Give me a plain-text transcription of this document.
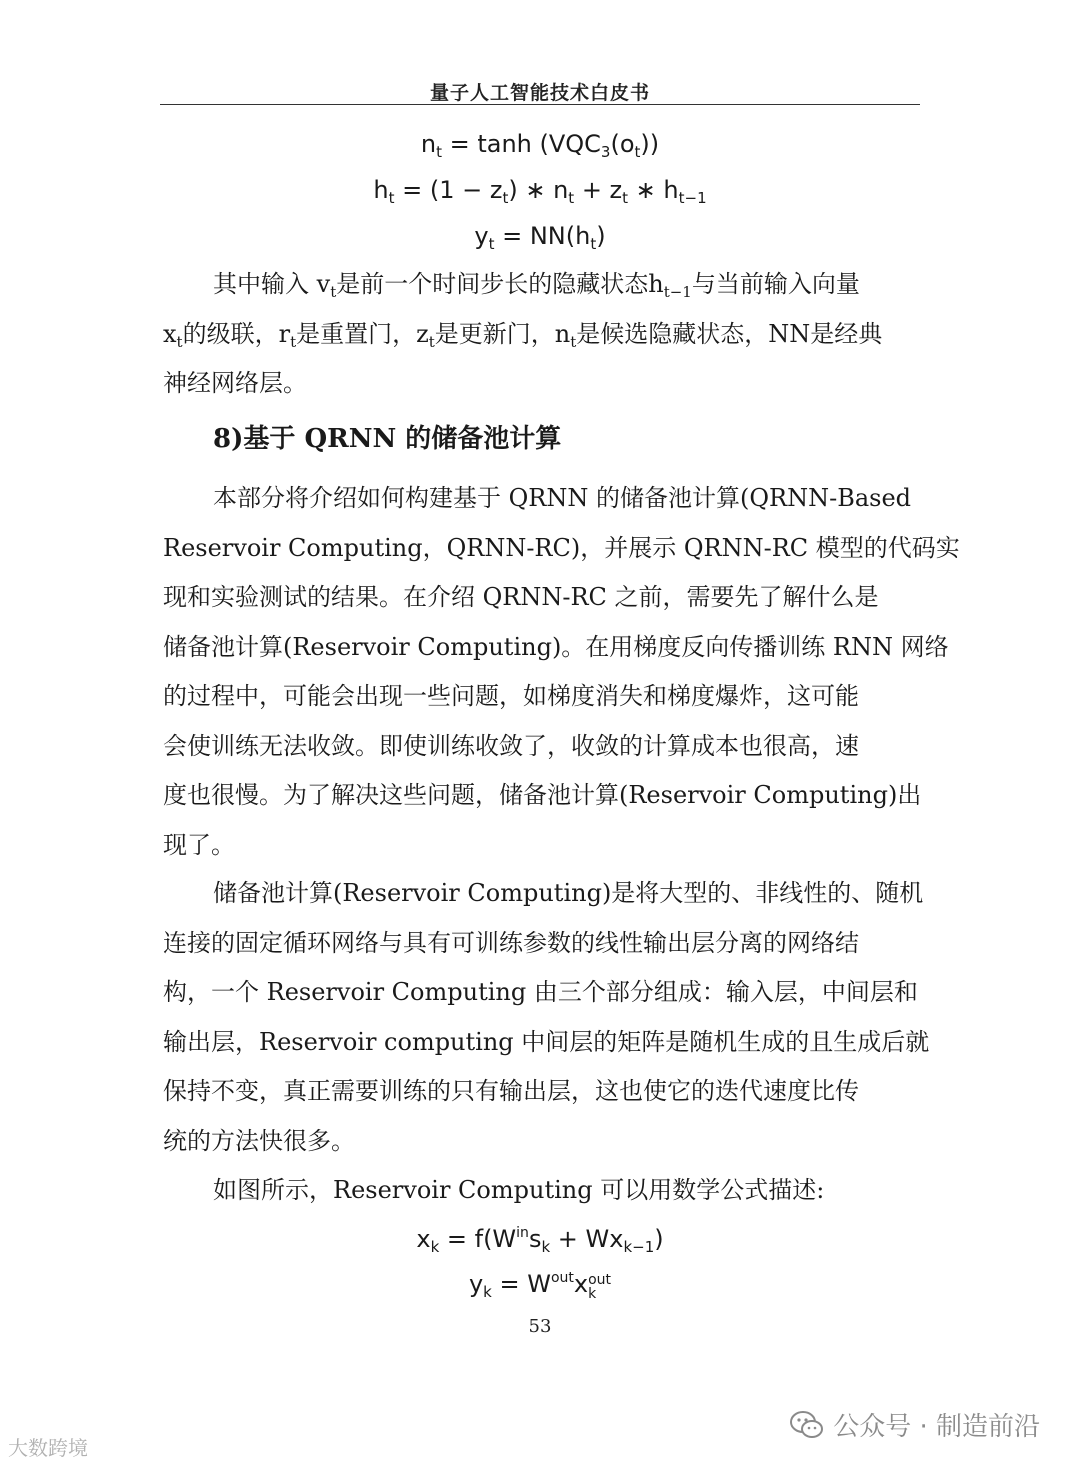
量子人工智能技术白皮书
$n_t = \tanh (VQC_3(o_t))$
$h_t = (1 - z_t)$ ∗ $n_t + z_t$ ∗ $h_{t-1}$
$y_t = NN(h_t)$
其中输入 $v_t$是前一个时间步长的隐藏状态$h_{t-1}$与当前输入向量
$x_t$的级联，$r_t$是重置门，$z_t$是更新门，$n_t$是候选隐藏状态，NN是经典
神经网络层。
8)基于 QRNN 的储备池计算
本部分将介绍如何构建基于 QRNN 的储备池计算(QRNN-Based
Reservoir Computing，QRNN-RC)，并展示 QRNN-RC 模型的代码实
现和实验测试的结果。在介绍 QRNN-RC 之前，需要先了解什么是
储备池计算(Reservoir Computing)。在用梯度反向传播训练 RNN 网络
的过程中，可能会出现一些问题，如梯度消失和梯度爆炸，这可能
会使训练无法收敛。即使训练收敛了，收敛的计算成本也很高，速
度也很慢。为了解决这些问题，储备池计算(Reservoir Computing)出
现了。
储备池计算(Reservoir Computing)是将大型的、非线性的、随机
连接的固定循环网络与具有可训练参数的线性输出层分离的网络结
构，一个 Reservoir Computing 由三个部分组成：输入层，中间层和
输出层，Reservoir computing 中间层的矩阵是随机生成的且生成后就
保持不变，真正需要训练的只有输出层，这也使它的迭代速度比传
统的方法快很多。
如图所示，Reservoir Computing 可以用数学公式描述:
$x_k = f(W^{in}s_k + Wx_{k-1})$
$y_k = W^{out}x$ out
k
53
大数跨境
公众号 · 制造前沿
